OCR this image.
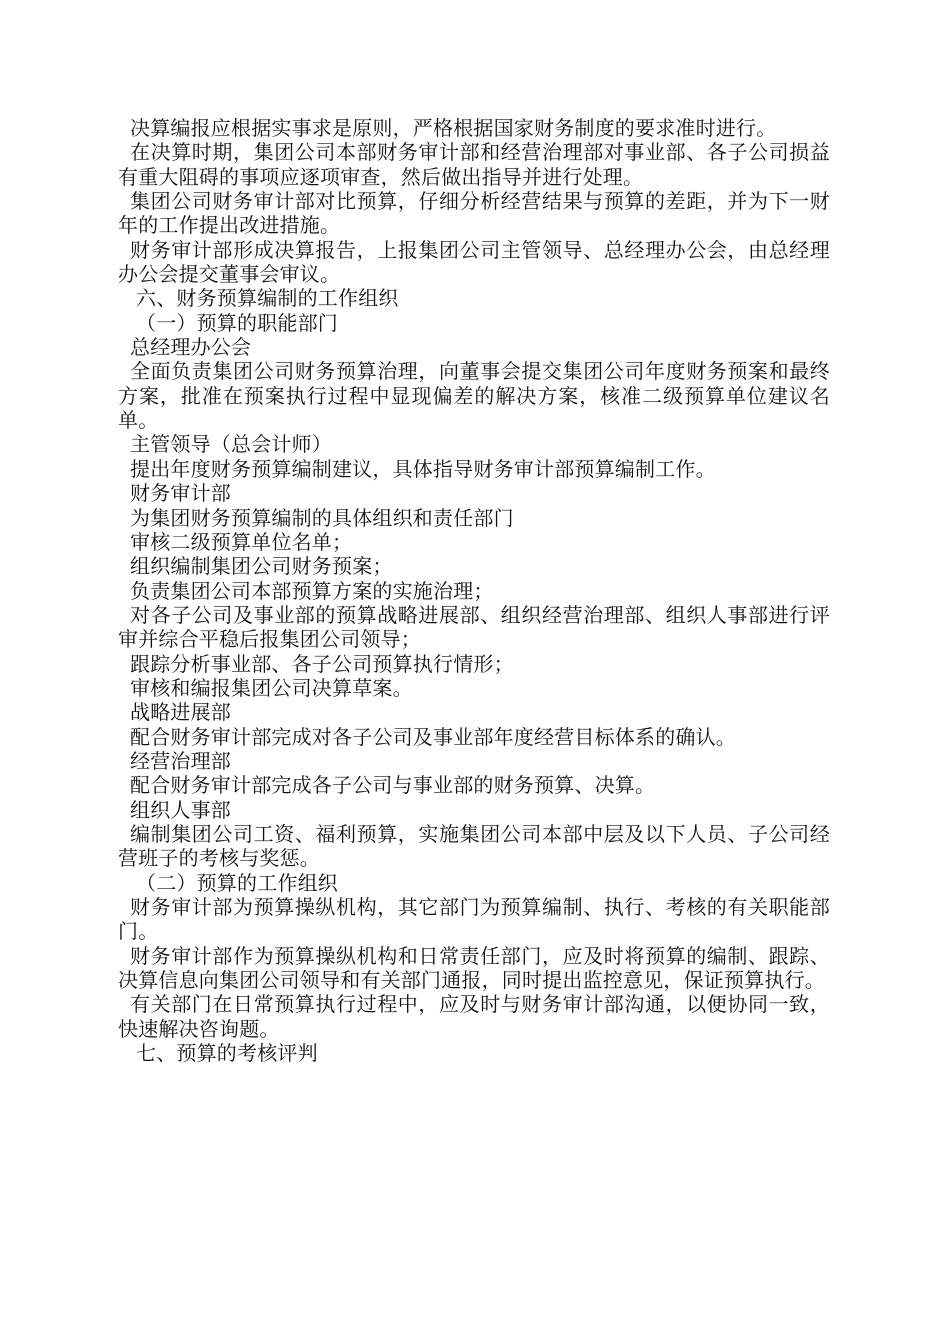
决算编报应根据实事求是原则，严格根据国家财务制度的要求准时进行。

在决算时期，集团公司本部财务审计部和经营治理部对事业部、各子公司损益有重大阻碍的事项应逐项审查，然后做出指导并进行处理。

集团公司财务审计部对比预算，仔细分析经营结果与预算的差距，并为下一财年的工作提出改进措施。

财务审计部形成决算报告，上报集团公司主管领导、总经理办公会，由总经理办公会提交董事会审议。

六、财务预算编制的工作组织

（一）预算的职能部门

总经理办公会

全面负责集团公司财务预算治理，向董事会提交集团公司年度财务预案和最终方案，批准在预案执行过程中显现偏差的解决方案，核准二级预算单位建议名单。

主管领导（总会计师）

提出年度财务预算编制建议，具体指导财务审计部预算编制工作。

财务审计部

为集团财务预算编制的具体组织和责任部门

审核二级预算单位名单；

组织编制集团公司财务预案；

负责集团公司本部预算方案的实施治理；

对各子公司及事业部的预算战略进展部、组织经营治理部、组织人事部进行评审并综合平稳后报集团公司领导；

跟踪分析事业部、各子公司预算执行情形；

审核和编报集团公司决算草案。

战略进展部

配合财务审计部完成对各子公司及事业部年度经营目标体系的确认。

经营治理部

配合财务审计部完成各子公司与事业部的财务预算、决算。

组织人事部

编制集团公司工资、福利预算，实施集团公司本部中层及以下人员、子公司经营班子的考核与奖惩。

（二）预算的工作组织

财务审计部为预算操纵机构，其它部门为预算编制、执行、考核的有关职能部门。

财务审计部作为预算操纵机构和日常责任部门，应及时将预算的编制、跟踪、决算信息向集团公司领导和有关部门通报，同时提出监控意见，保证预算执行。

有关部门在日常预算执行过程中，应及时与财务审计部沟通，以便协同一致，快速解决咨询题。

七、预算的考核评判
